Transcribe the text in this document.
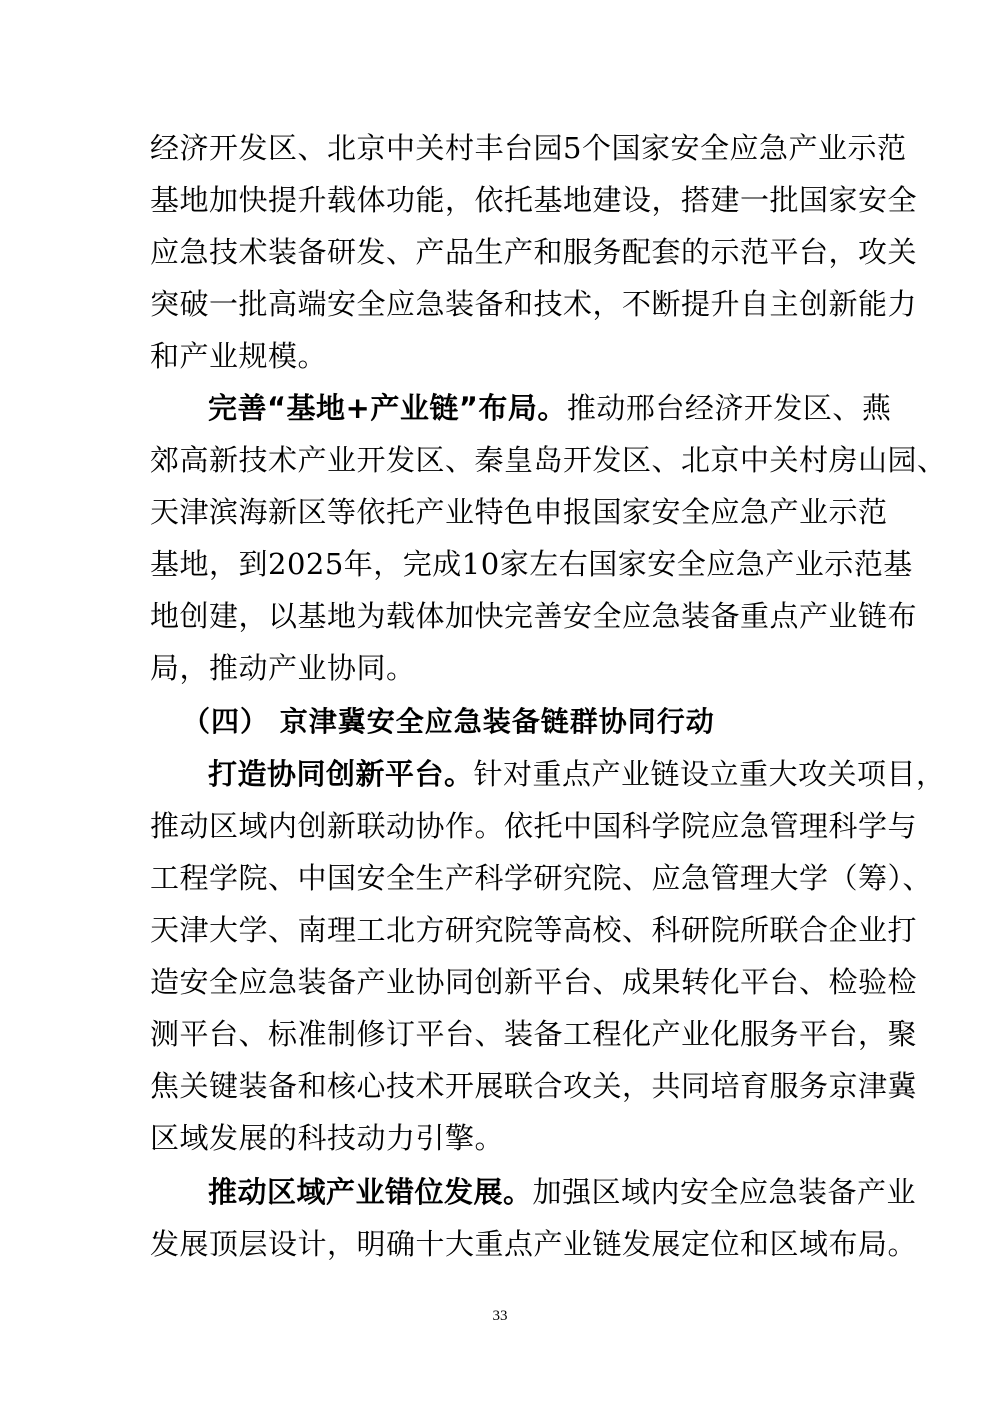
经济开发区、北京中关村丰台园5个国家安全应急产业示范
基地加快提升载体功能，依托基地建设，搭建一批国家安全
应急技术装备研发、产品生产和服务配套的示范平台，攻关
突破一批高端安全应急装备和技术，不断提升自主创新能力
和产业规模。
完善“基地+产业链”布局。推动邢台经济开发区、燕
郊高新技术产业开发区、秦皇岛开发区、北京中关村房山园、
天津滨海新区等依托产业特色申报国家安全应急产业示范
基地，到2025年，完成10家左右国家安全应急产业示范基
地创建，以基地为载体加快完善安全应急装备重点产业链布
局，推动产业协同。
（四） 京津冀安全应急装备链群协同行动
打造协同创新平台。针对重点产业链设立重大攻关项目，
推动区域内创新联动协作。依托中国科学院应急管理科学与
工程学院、中国安全生产科学研究院、应急管理大学（筹）、
天津大学、南理工北方研究院等高校、科研院所联合企业打
造安全应急装备产业协同创新平台、成果转化平台、检验检
测平台、标准制修订平台、装备工程化产业化服务平台，聚
焦关键装备和核心技术开展联合攻关，共同培育服务京津冀
区域发展的科技动力引擎。
推动区域产业错位发展。加强区域内安全应急装备产业
发展顶层设计，明确十大重点产业链发展定位和区域布局。
33
